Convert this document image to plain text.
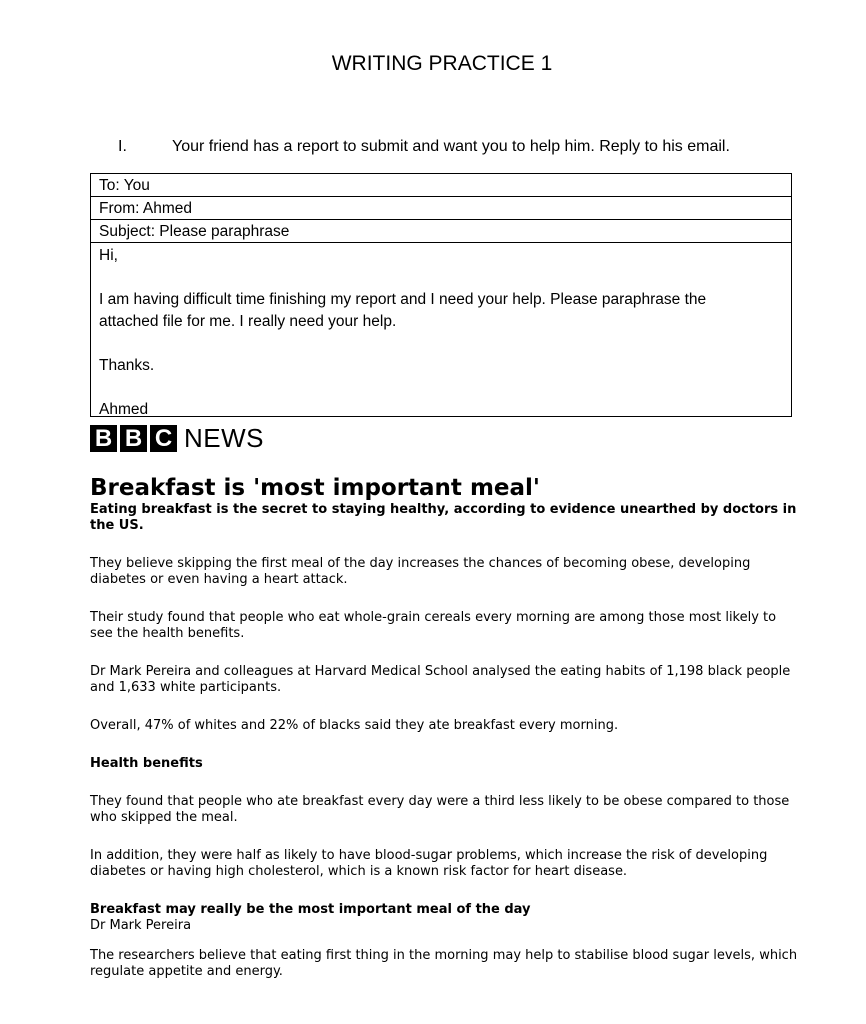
WRITING PRACTICE 1
I.	Your friend has a report to submit and want you to help him. Reply to his email.
To: You
From: Ahmed
Subject: Please paraphrase

Hi,

I am having difficult time finishing my report and I need your help. Please paraphrase the

attached file for me. I really need your help.

Thanks.

Ahmed

B B C NEWS
Breakfast is 'most important meal'

Eating breakfast is the secret to staying healthy, according to evidence unearthed by doctors in the US.

They believe skipping the first meal of the day increases the chances of becoming obese, developing diabetes or even having a heart attack.

Their study found that people who eat whole-grain cereals every morning are among those most likely to see the health benefits.

Dr Mark Pereira and colleagues at Harvard Medical School analysed the eating habits of 1,198 black people and 1,633 white participants.

Overall, 47% of whites and 22% of blacks said they ate breakfast every morning.

Health benefits

They found that people who ate breakfast every day were a third less likely to be obese compared to those who skipped the meal.

In addition, they were half as likely to have blood-sugar problems, which increase the risk of developing diabetes or having high cholesterol, which is a known risk factor for heart disease.

Breakfast may really be the most important meal of the day

Dr Mark Pereira

The researchers believe that eating first thing in the morning may help to stabilise blood sugar levels, which regulate appetite and energy.
